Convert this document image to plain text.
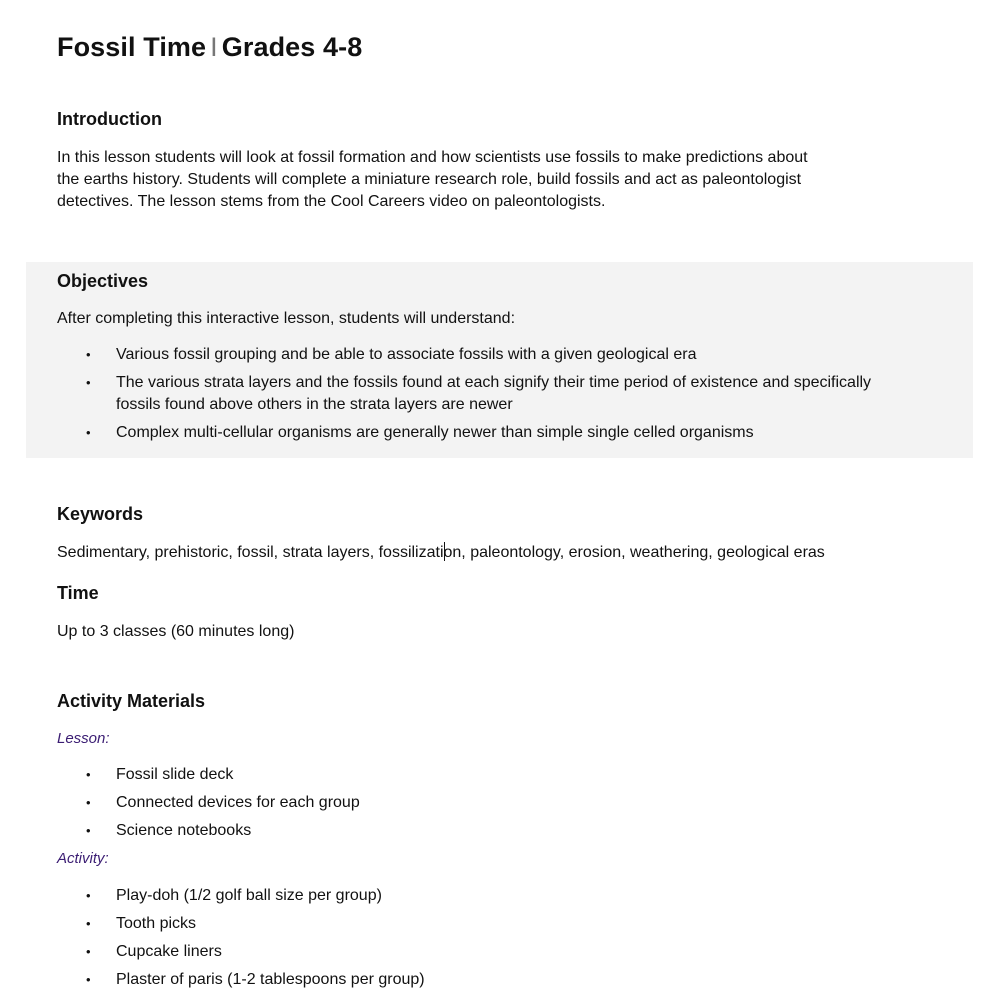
Fossil Time I Grades 4-8
Introduction

In this lesson students will look at fossil formation and how scientists use fossils to make predictions about
the earths history. Students will complete a miniature research role, build fossils and act as paleontologist
detectives. The lesson stems from the Cool Careers video on paleontologists.

Objectives

After completing this interactive lesson, students will understand:

• Various fossil grouping and be able to associate fossils with a given geological era
• The various strata layers and the fossils found at each signify their time period of existence and specifically
fossils found above others in the strata layers are newer
• Complex multi-cellular organisms are generally newer than simple single celled organisms
Keywords

Sedimentary, prehistoric, fossil, strata layers, fossilization, paleontology, erosion, weathering, geological eras

Time

Up to 3 classes (60 minutes long)

Activity Materials

Lesson:

• Fossil slide deck
• Connected devices for each group
• Science notebooks

Activity:

• Play-doh (1/2 golf ball size per group)
• Tooth picks
• Cupcake liners
• Plaster of paris (1-2 tablespoons per group)
